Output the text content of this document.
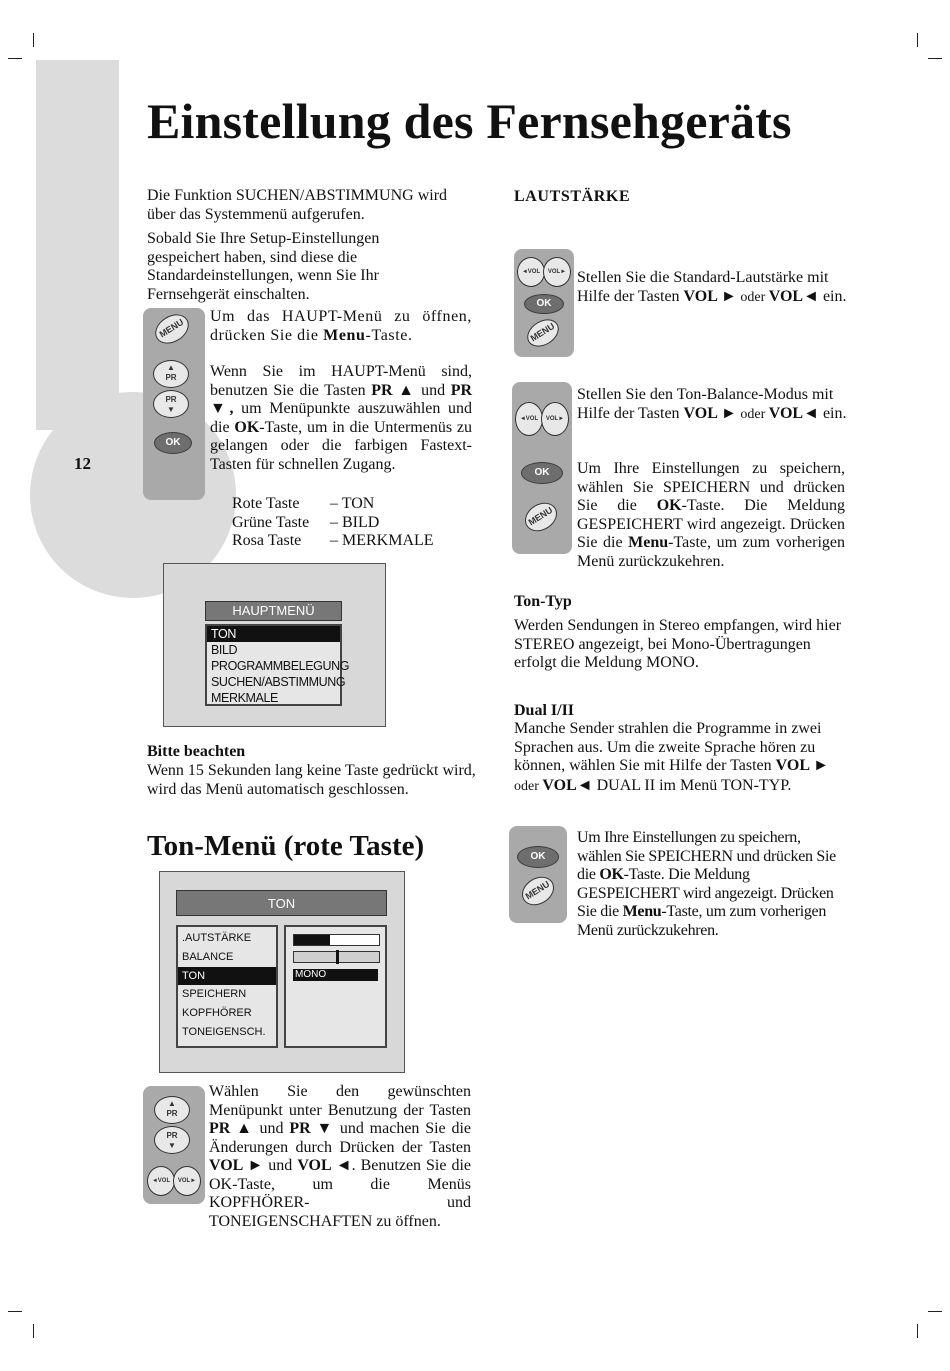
12
Einstellung des Fernsehgeräts
Die Funktion SUCHEN/ABSTIMMUNG wird über das Systemmenü aufgerufen.
Sobald Sie Ihre Setup-Einstellungen gespeichert haben, sind diese die Standardeinstellungen, wenn Sie Ihr Fernsehgerät einschalten.
MENU
▲
PR
PR
▼
OK
Um das HAUPT-Menü zu öffnen, drücken Sie die Menu-Taste.
Wenn Sie im HAUPT-Menü sind, benutzen Sie die Tasten PR ▲ und PR ▼, um Menüpunkte auszuwählen und die OK-Taste, um in die Untermenüs zu gelangen oder die farbigen Fastext-Tasten für schnellen Zugang.
Rote Taste – TON
Grüne Taste – BILD
Rosa Taste – MERKMALE
HAUPTMENÜ
TON
BILD
PROGRAMMBELEGUNG
SUCHEN/ABSTIMMUNG
MERKMALE
Bitte beachten
Wenn 15 Sekunden lang keine Taste gedrückt wird, wird das Menü automatisch geschlossen.
Ton-Menü (rote Taste)
TON
.AUTSTÄRKE
BALANCE
TON
SPEICHERN
KOPFHÖRER
TONEIGENSCH.
MONO
▲
PR
PR
▼
◄VOL	VOL►
Wählen Sie den gewünschten Menüpunkt unter Benutzung der Tasten PR ▲ und PR ▼ und machen Sie die Änderungen durch Drücken der Tasten VOL ► und VOL ◄. Benutzen Sie die OK-Taste, um die Menüs KOPFHÖRER- und TONEIGENSCHAFTEN zu öffnen.
LAUTSTÄRKE
◄VOL	VOL►
OK
MENU
Stellen Sie die Standard-Lautstärke mit Hilfe der Tasten VOL ► oder VOL◄ ein.
◄VOL	VOL►
OK
MENU
Stellen Sie den Ton-Balance-Modus mit Hilfe der Tasten VOL ► oder VOL◄ ein.
Um Ihre Einstellungen zu speichern, wählen Sie SPEICHERN und drücken Sie die OK-Taste. Die Meldung GESPEICHERT wird angezeigt. Drücken Sie die Menu-Taste, um zum vorherigen Menü zurückzukehren.
Ton-Typ
Werden Sendungen in Stereo empfangen, wird hier STEREO angezeigt, bei Mono-Übertragungen erfolgt die Meldung MONO.
Dual I/II
Manche Sender strahlen die Programme in zwei Sprachen aus. Um die zweite Sprache hören zu können, wählen Sie mit Hilfe der Tasten VOL ► oder VOL◄ DUAL II im Menü TON-TYP.
OK
MENU
Um Ihre Einstellungen zu speichern, wählen Sie SPEICHERN und drücken Sie die OK-Taste. Die Meldung GESPEICHERT wird angezeigt. Drücken Sie die Menu-Taste, um zum vorherigen Menü zurückzukehren.
